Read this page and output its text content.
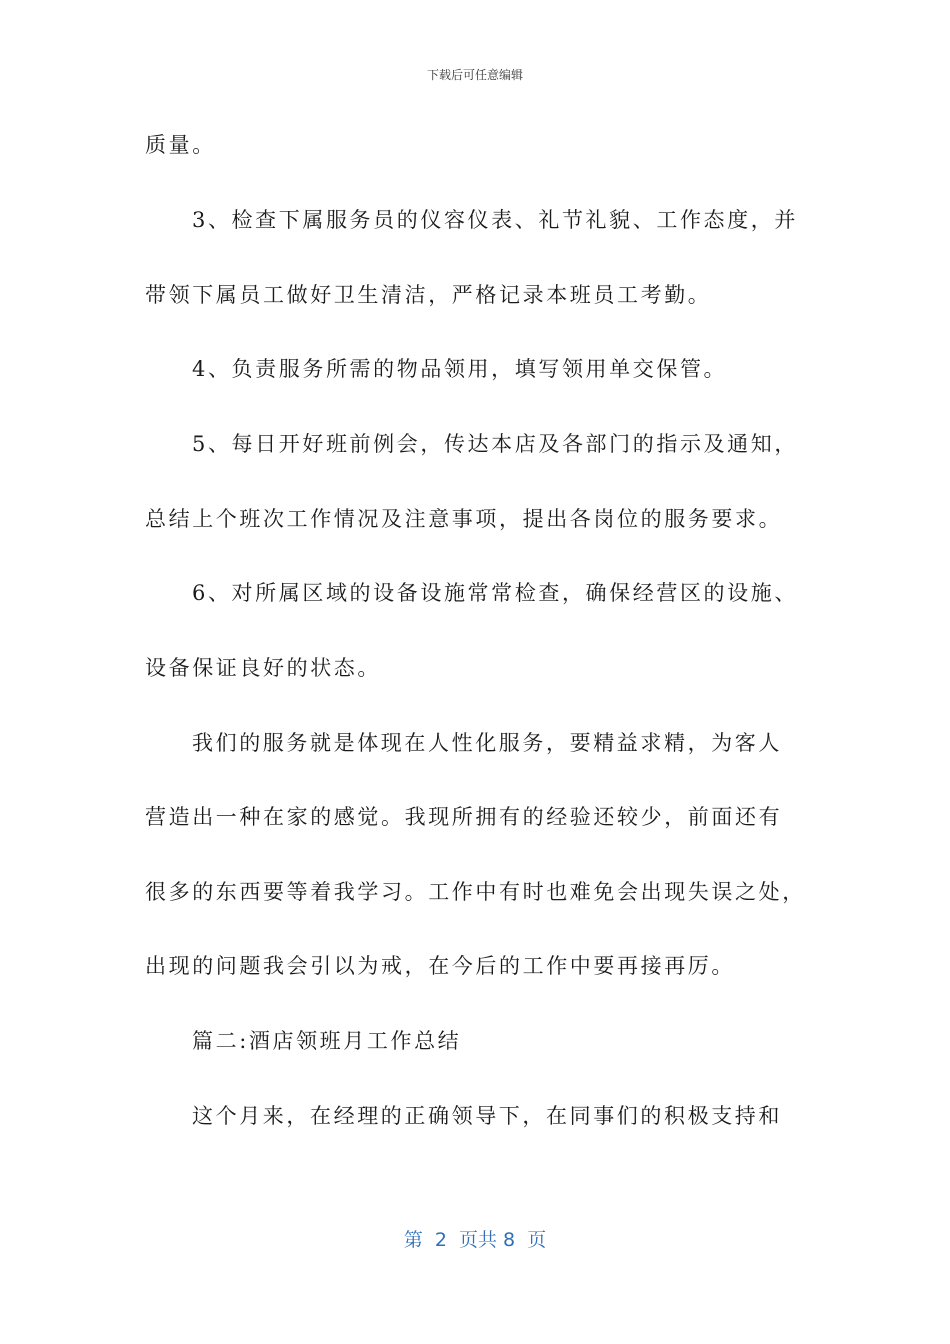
下载后可任意编辑
质量。
3、检查下属服务员的仪容仪表、礼节礼貌、工作态度，并
带领下属员工做好卫生清洁，严格记录本班员工考勤。
4、负责服务所需的物品领用，填写领用单交保管。
5、每日开好班前例会，传达本店及各部门的指示及通知，
总结上个班次工作情况及注意事项，提出各岗位的服务要求。
6、对所属区域的设备设施常常检查，确保经营区的设施、
设备保证良好的状态。
我们的服务就是体现在人性化服务，要精益求精，为客人
营造出一种在家的感觉。我现所拥有的经验还较少，前面还有
很多的东西要等着我学习。工作中有时也难免会出现失误之处，
出现的问题我会引以为戒，在今后的工作中要再接再厉。
篇二:酒店领班月工作总结
这个月来，在经理的正确领导下，在同事们的积极支持和
第  2  页共 8  页
